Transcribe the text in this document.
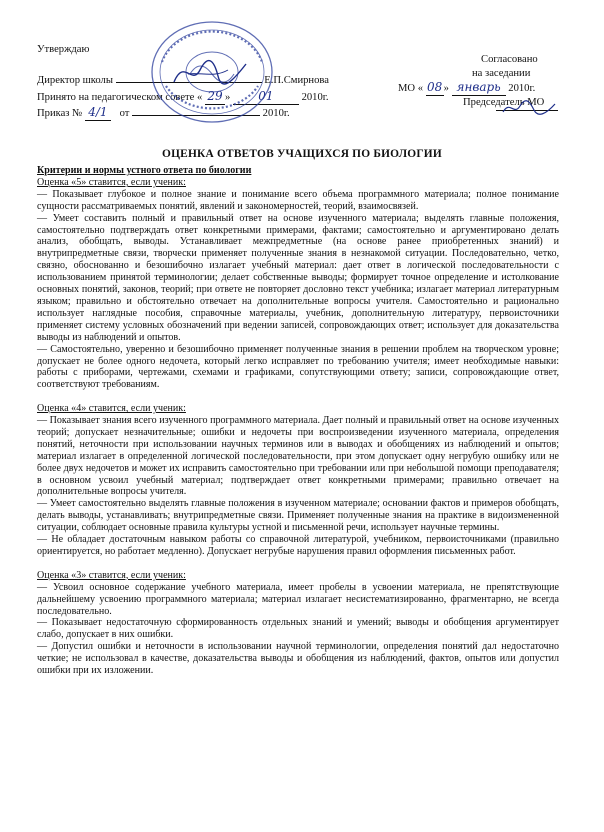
Утверждаю
Директор школы	Е.П.Смирнова
Принято на педагогическом совете « 29 » 01	2010г.
Приказ № 4/1 от	2010г.
Согласовано
на заседании
МО « 08» январь 2010г.
Председатель МО
ОЦЕНКА ОТВЕТОВ УЧАЩИХСЯ ПО БИОЛОГИИ

Критерии и нормы устного ответа по биологии

Оценка «5» ставится, если ученик:

— Показывает глубокое и полное знание и понимание всего объема программного материала; полное понимание сущности рассматриваемых понятий, явлений и закономерностей, теорий, взаимосвязей.

— Умеет составить полный и правильный ответ на основе изученного материала; выделять главные положения, самостоятельно подтверждать ответ конкретными примерами, фактами; самостоятельно и аргументировано делать анализ, обобщать, выводы. Устанавливает межпредметные (на основе ранее приобретенных знаний) и внутрипредметные связи, творчески применяет полученные знания в незнакомой ситуации. Последовательно, четко, связно, обоснованно и безошибочно излагает учебный материал: дает ответ в логической последовательности с использованием принятой терминологии; делает собственные выводы; формирует точное определение и истолкование основных понятий, законов, теорий; при ответе не повторяет дословно текст учебника; излагает материал литературным языком; правильно и обстоятельно отвечает на дополнительные вопросы учителя. Самостоятельно и рационально использует наглядные пособия, справочные материалы, учебник, дополнительную литературу, первоисточники применяет систему условных обозначений при ведении записей, сопровождающих ответ; использует для доказательства выводы из наблюдений и опытов.

— Самостоятельно, уверенно и безошибочно применяет полученные знания в решении проблем на творческом уровне; допускает не более одного недочета, который легко исправляет по требованию учителя; имеет необходимые навыки: работы с приборами, чертежами, схемами и графиками, сопутствующими ответу; записи, сопровождающие ответ, соответствуют требованиям.

Оценка «4» ставится, если ученик:

— Показывает знания всего изученного программного материала. Дает полный и правильный ответ на основе изученных теорий; допускает незначительные; ошибки и недочеты при воспроизведении изученного материала, определения понятий, неточности при использовании научных терминов или в выводах и обобщениях из наблюдений и опытов; материал излагает в определенной логической последовательности, при этом допускает одну негрубую ошибку или не более двух недочетов и может их исправить самостоятельно при требовании или при небольшой помощи преподавателя; в основном усвоил учебный материал; подтверждает ответ конкретными примерами; правильно отвечает на дополнительные вопросы учителя.

— Умеет самостоятельно выделять главные положения в изученном материале; основании фактов и примеров обобщать, делать выводы, устанавливать; внутрипредметные связи. Применяет полученные знания на практике в видоизмененной ситуации, соблюдает основные правила культуры устной и письменной речи, использует научные термины.

— Не обладает достаточным навыком работы со справочной литературой, учебником, первоисточниками (правильно ориентируется, но работает медленно). Допускает негрубые нарушения правил оформления письменных работ.

Оценка «3» ставится, если ученик:

— Усвоил основное содержание учебного материала, имеет пробелы в усвоении материала, не препятствующие дальнейшему усвоению программного материала; материал излагает несистематизированно, фрагментарно, не всегда последовательно.

— Показывает недостаточную сформированность отдельных знаний и умений; выводы и обобщения аргументирует слабо, допускает в них ошибки.

— Допустил ошибки и неточности в использовании научной терминологии, определения понятий дал недостаточно четкие; не использовал в качестве, доказательства выводы и обобщения из наблюдений, фактов, опытов или допустил ошибки при их изложении.
